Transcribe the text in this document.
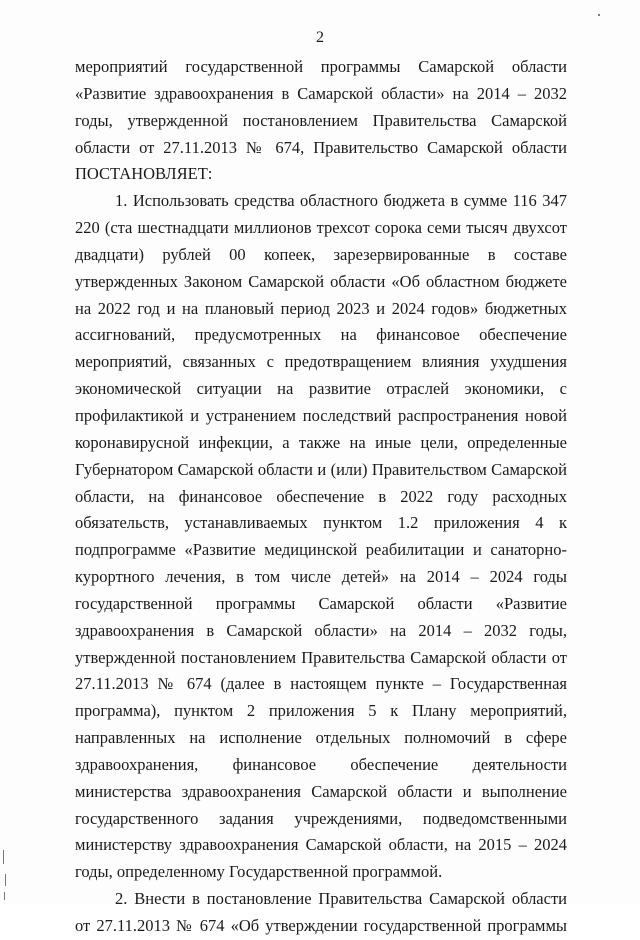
2

мероприятий государственной программы Самарской области «Развитие здравоохранения в Самарской области» на 2014 – 2032 годы, утвержденной постановлением Правительства Самарской области от 27.11.2013 № 674, Правительство Самарской области ПОСТАНОВЛЯЕТ:

1. Использовать средства областного бюджета в сумме 116 347 220 (ста шестнадцати миллионов трехсот сорока семи тысяч двухсот двадцати) рублей 00 копеек, зарезервированные в составе утвержденных Законом Самарской области «Об областном бюджете на 2022 год и на плановый период 2023 и 2024 годов» бюджетных ассигнований, предусмотренных на финансовое обеспечение мероприятий, связанных с предотвращением влияния ухудшения экономической ситуации на развитие отраслей экономики, с профилактикой и устранением последствий распространения новой коронавирусной инфекции, а также на иные цели, определенные Губернатором Самарской области и (или) Правительством Самарской области, на финансовое обеспечение в 2022 году расходных обязательств, устанавливаемых пунктом 1.2 приложения 4 к подпрограмме «Развитие медицинской реабилитации и санаторно-курортного лечения, в том числе детей» на 2014 – 2024 годы государственной программы Самарской области «Развитие здравоохранения в Самарской области» на 2014 – 2032 годы, утвержденной постановлением Правительства Самарской области от 27.11.2013 № 674 (далее в настоящем пункте – Государственная программа), пунктом 2 приложения 5 к Плану мероприятий, направленных на исполнение отдельных полномочий в сфере здравоохранения, финансовое обеспечение деятельности министерства здравоохранения Самарской области и выполнение государственного задания учреждениями, подведомственными министерству здравоохранения Самарской области, на 2015 – 2024 годы, определенному Государственной программой.

2. Внести в постановление Правительства Самарской области от 27.11.2013 № 674 «Об утверждении государственной программы
